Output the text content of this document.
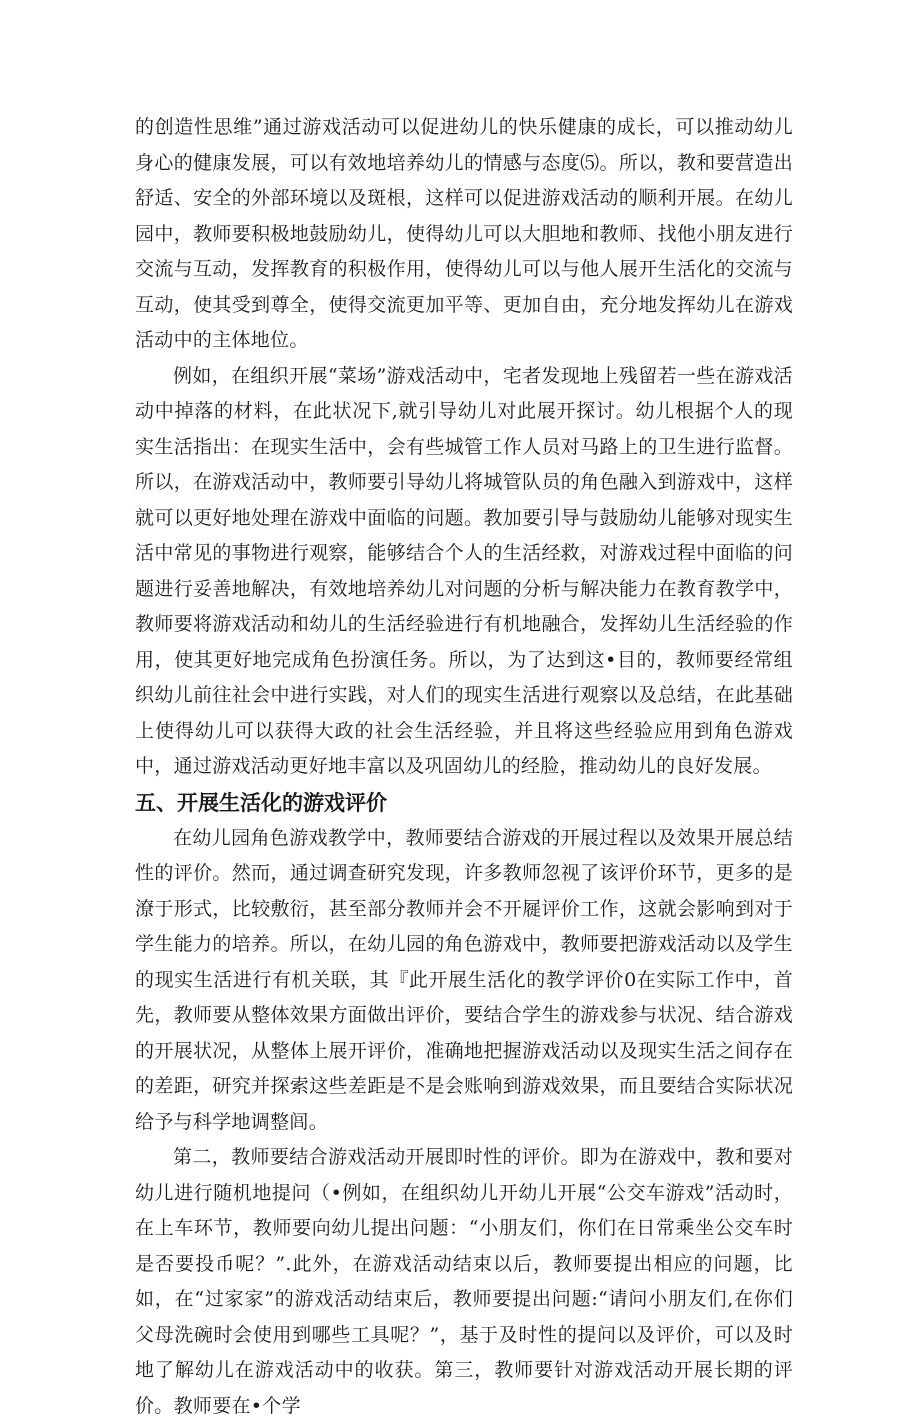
的创造性思维”通过游戏活动可以促进幼儿的快乐健康的成长，可以推动幼儿身心的健康发展，可以有效地培养幼儿的情感与态度⑸。所以，教和要营造出舒适、安全的外部环境以及斑根，这样可以促进游戏活动的顺利开展。在幼儿园中，教师要积极地鼓励幼儿，使得幼儿可以大胆地和教师、找他小朋友进行交流与互动，发挥教育的积极作用，使得幼儿可以与他人展开生活化的交流与互动，使其受到尊全，使得交流更加平等、更加自由，充分地发挥幼儿在游戏活动中的主体地位。

例如，在组织开展“菜场”游戏活动中，宅者发现地上残留若一些在游戏活动中掉落的材料，在此状况下,就引导幼儿对此展开探讨。幼儿根据个人的现实生活指出：在现实生活中，会有些城管工作人员对马路上的卫生进行监督。所以，在游戏活动中，教师要引导幼儿将城管队员的角色融入到游戏中，这样就可以更好地处理在游戏中面临的问题。教加要引导与鼓励幼儿能够对现实生活中常见的事物进行观察，能够结合个人的生活经救，对游戏过程中面临的问题进行妥善地解决，有效地培养幼儿对问题的分析与解决能力在教育教学中，教师要将游戏活动和幼儿的生活经验进行有机地融合，发挥幼儿生活经验的作用，使其更好地完成角色扮演任务。所以，为了达到这•目的，教师要经常组织幼儿前往社会中进行实践，对人们的现实生活进行观察以及总结，在此基础上使得幼儿可以获得大政的社会生活经验，并且将这些经验应用到角色游戏中，通过游戏活动更好地丰富以及巩固幼儿的经脸，推动幼儿的良好发展。

五、开展生活化的游戏评价

在幼儿园角色游戏教学中，教师要结合游戏的开展过程以及效果开展总结性的评价。然而，通过调查研究发现，许多教师忽视了该评价环节，更多的是潦于形式，比较敷衍，甚至部分教师并会不开屣评价工作，这就会影响到对于学生能力的培养。所以，在幼儿园的角色游戏中，教师要把游戏活动以及学生的现实生活进行有机关联，其『此开展生活化的教学评价0在实际工作中，首先，教师要从整体效果方面做出评价，要结合学生的游戏参与状况、结合游戏的开展状况，从整体上展开评价，准确地把握游戏活动以及现实生活之间存在的差距，研究并探索这些差距是不是会账响到游戏效果，而且要结合实际状况给予与科学地调整闾。

第二，教师要结合游戏活动开展即时性的评价。即为在游戏中，教和要对幼儿进行随机地提问（•例如，在组织幼儿开幼儿开展“公交车游戏”活动时，在上车环节，教师要向幼儿提出问题：“小朋友们，你们在日常乘坐公交车时是否要投币呢？”.此外，在游戏活动结束以后，教师要提出相应的问题，比如，在“过家家”的游戏活动结束后，教师要提出问题:“请问小朋友们,在你们父母洗碗时会使用到哪些工具呢？”，基于及时性的提问以及评价，可以及时地了解幼儿在游戏活动中的收获。第三，教师要针对游戏活动开展长期的评价。教师要在•个学
